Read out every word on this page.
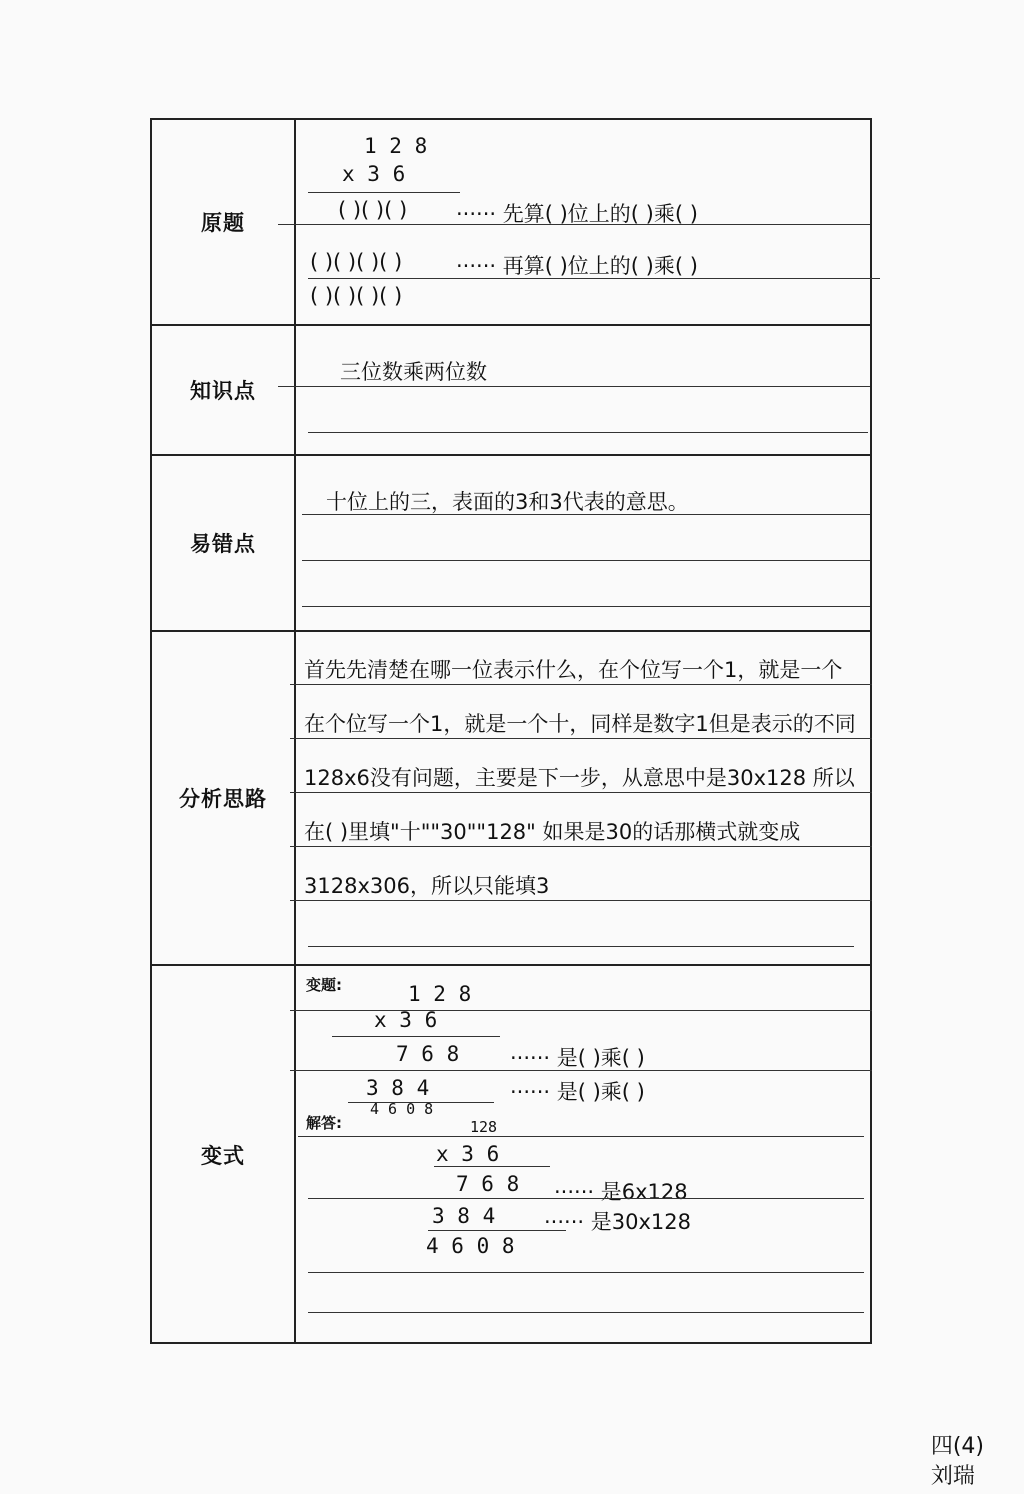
原题
1 2 8
x 3 6
( )( )( ) ······ 先算( )位上的( )乘( )
( )( )( )( )	······ 再算( )位上的( )乘( )
( )( )( )( )
知识点
三位数乘两位数
易错点
十位上的三，表面的3和3代表的意思。
分析思路
首先先清楚在哪一位表示什么，在个位写一个1，就是一个
在个位写一个1，就是一个十，同样是数字1但是表示的不同
128x6没有问题，主要是下一步，从意思中是30x128 所以
在( )里填"十""30""128" 如果是30的话那横式就变成
3128x306，所以只能填3
变式
变题:	1 2 8
x 3 6
7 6 8 ······ 是( )乘( )
3 8 4	······ 是( )乘( )
4 6 0 8
解答:	128
x 3 6
7 6 8 ······ 是6x128
3 8 4 ······ 是30x128
4 6 0 8
四(4)
刘瑞
